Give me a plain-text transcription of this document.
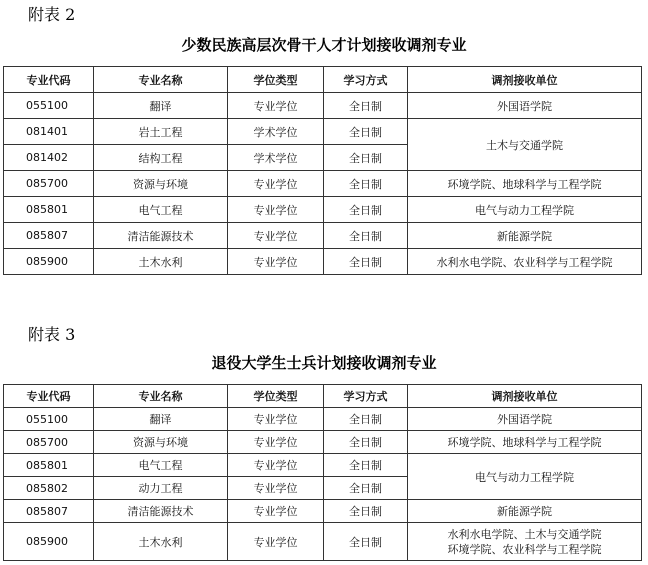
附表 2
少数民族高层次骨干人才计划接收调剂专业
专业代码	专业名称	学位类型	学习方式	调剂接收单位
055100	翻译	专业学位	全日制	外国语学院
081401	岩土工程	学术学位	全日制	土木与交通学院
081402	结构工程	学术学位	全日制	
085700	资源与环境	专业学位	全日制	环境学院、地球科学与工程学院
085801	电气工程	专业学位	全日制	电气与动力工程学院
085807	清洁能源技术	专业学位	全日制	新能源学院
085900	土木水利	专业学位	全日制	水利水电学院、农业科学与工程学院
附表 3
退役大学生士兵计划接收调剂专业
专业代码	专业名称	学位类型	学习方式	调剂接收单位
055100	翻译	专业学位	全日制	外国语学院
085700	资源与环境	专业学位	全日制	环境学院、地球科学与工程学院
085801	电气工程	专业学位	全日制	电气与动力工程学院
085802	动力工程	专业学位	全日制	
085807	清洁能源技术	专业学位	全日制	新能源学院
085900	土木水利	专业学位	全日制	水利水电学院、土木与交通学院
环境学院、农业科学与工程学院
